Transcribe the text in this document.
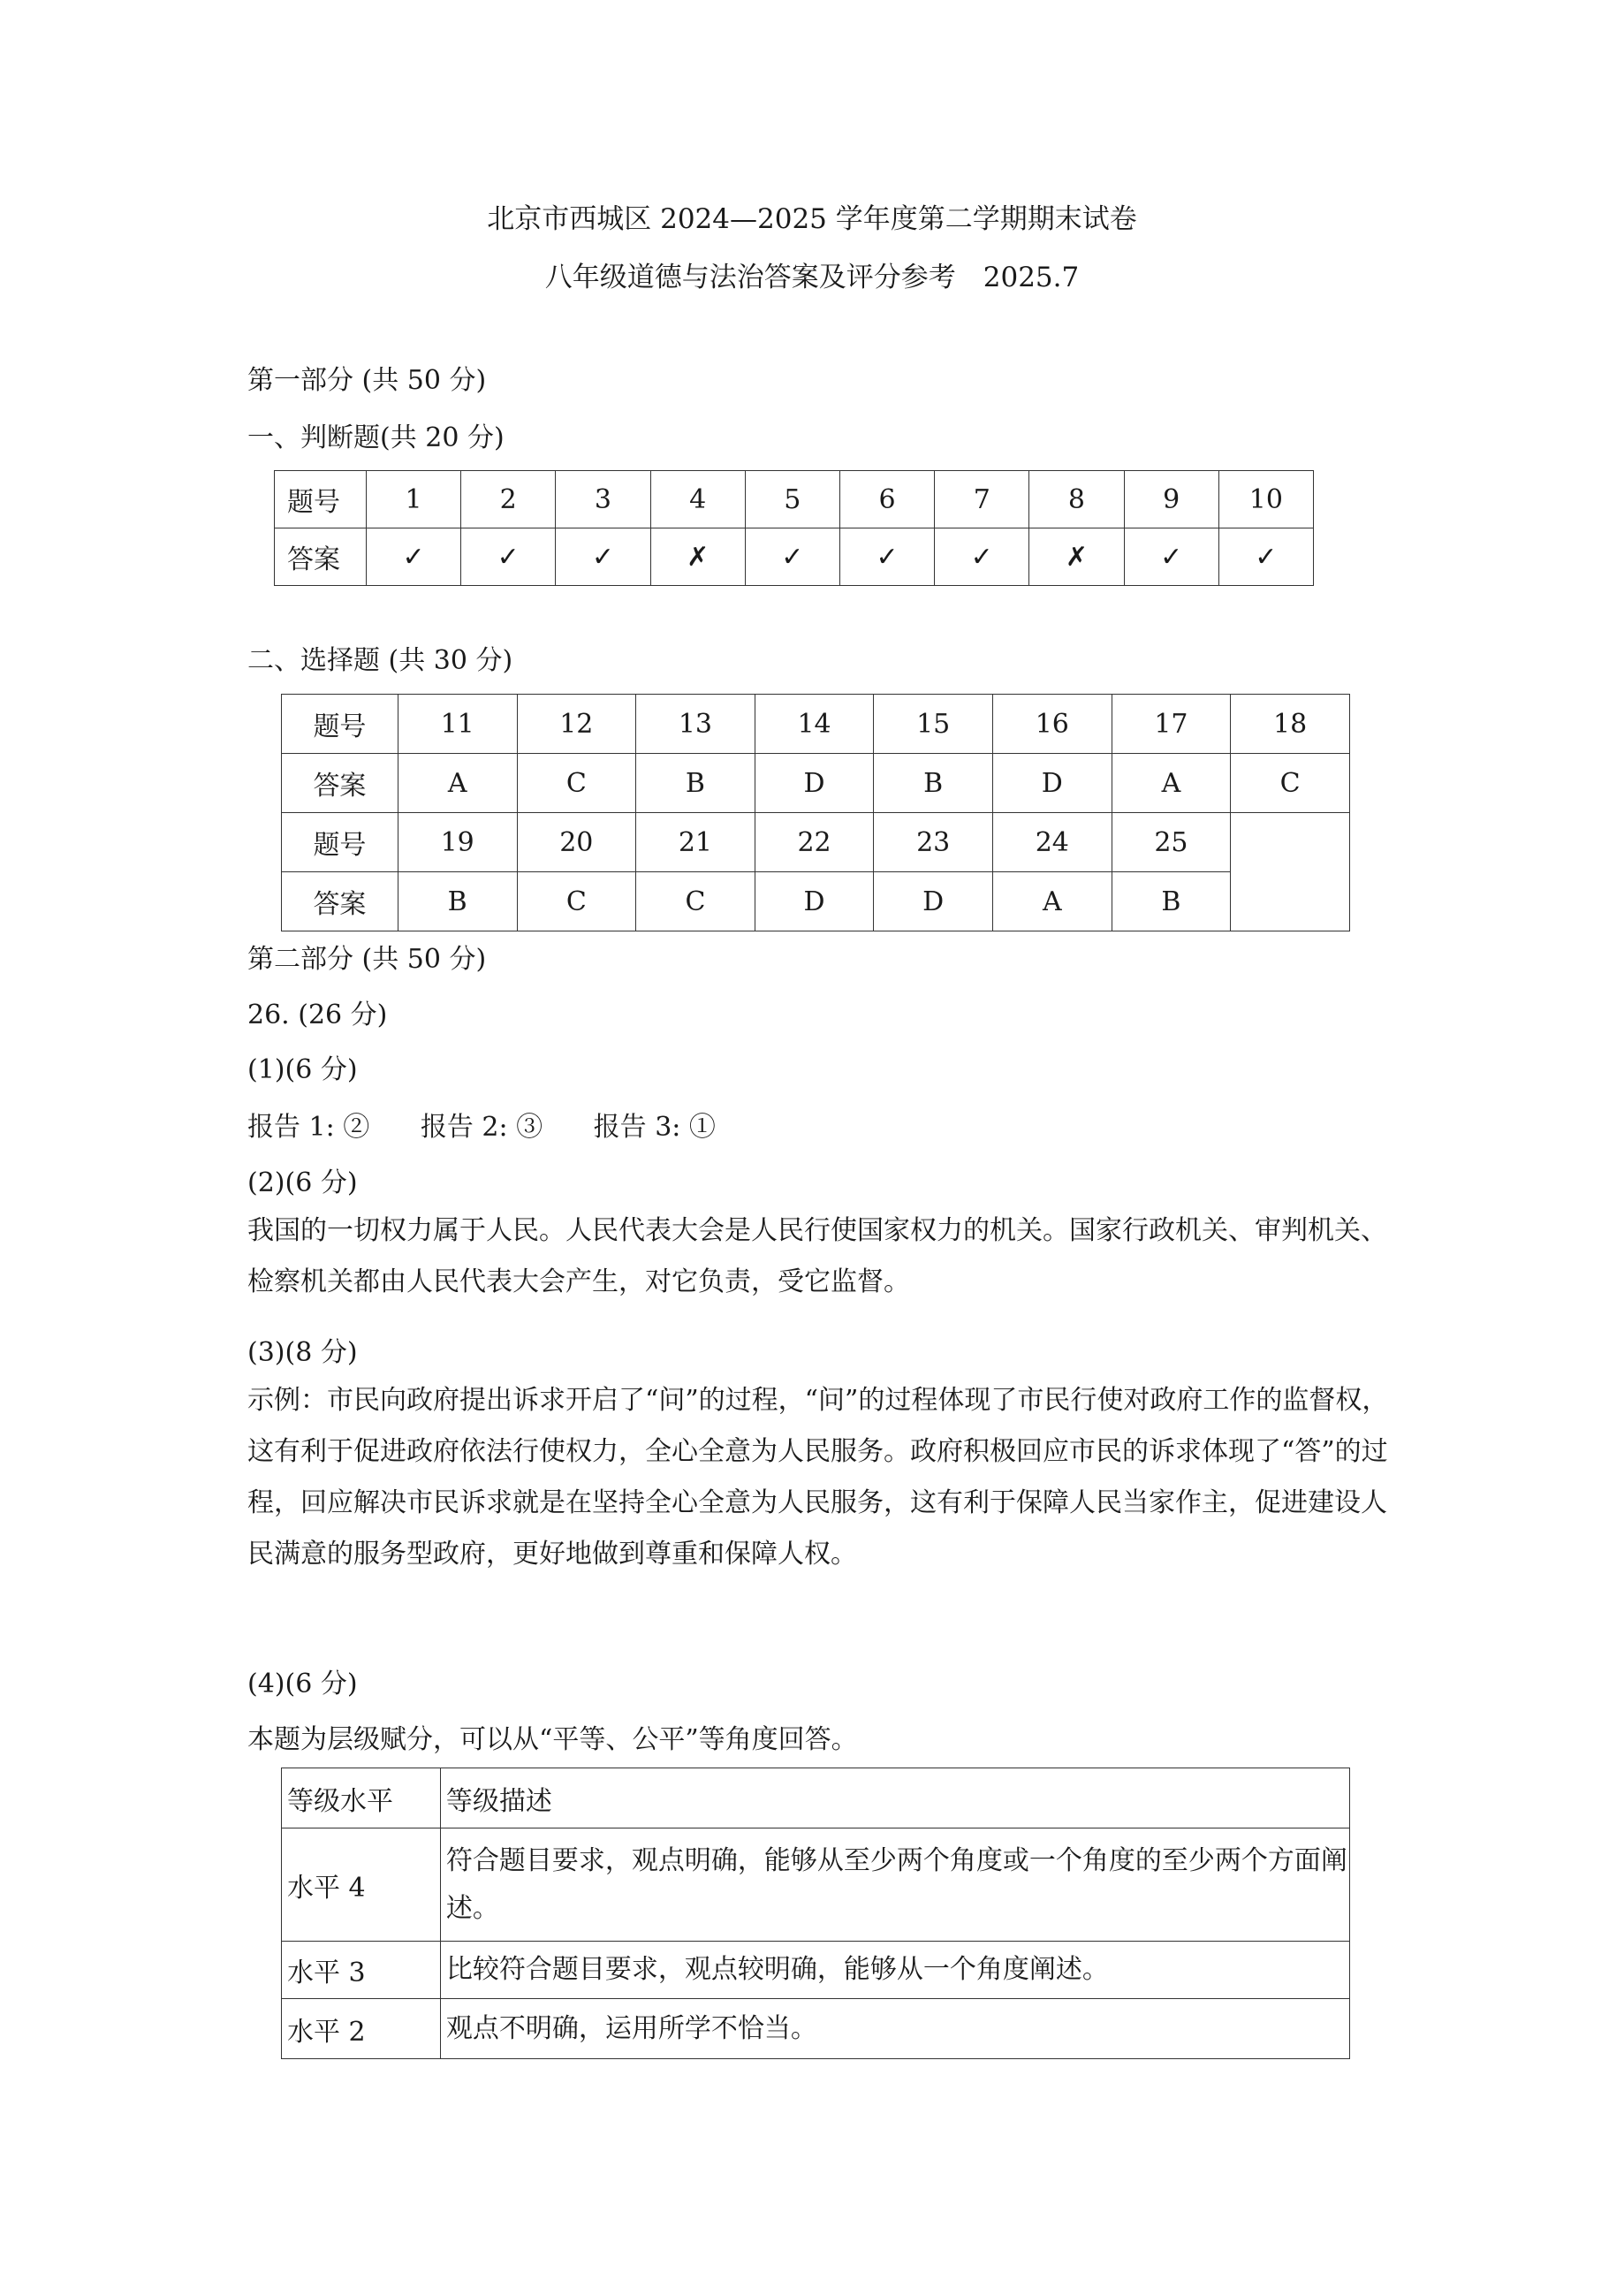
北京市西城区 2024—2025 学年度第二学期期末试卷
八年级道德与法治答案及评分参考　2025.7
第一部分 (共 50 分)
一、判断题(共 20 分)
题号	1	2	3	4	5	6	7	8	9	10
答案	✓	✓	✓	✗	✓	✓	✓	✗	✓	✓
二、选择题 (共 30 分)
题号	11	12	13	14	15	16	17	18
答案	A	C	B	D	B	D	A	C
题号	19	20	21	22	23	24	25	
答案	B	C	C	D	D	A	B	
第二部分 (共 50 分)
26. (26 分)
(1)(6 分)
报告 1: ② 报告 2: ③ 报告 3: ①
(2)(6 分)
我国的一切权力属于人民。人民代表大会是人民行使国家权力的机关。国家行政机关、审判机关、检察机关都由人民代表大会产生，对它负责，受它监督。
(3)(8 分)
示例：市民向政府提出诉求开启了“问”的过程，“问”的过程体现了市民行使对政府工作的监督权，这有利于促进政府依法行使权力，全心全意为人民服务。政府积极回应市民的诉求体现了“答”的过程，回应解决市民诉求就是在坚持全心全意为人民服务，这有利于保障人民当家作主，促进建设人民满意的服务型政府，更好地做到尊重和保障人权。
(4)(6 分)
本题为层级赋分，可以从“平等、公平”等角度回答。
等级水平	等级描述
水平 4	符合题目要求，观点明确，能够从至少两个角度或一个角度的至少两个方面阐述。
水平 3	比较符合题目要求，观点较明确，能够从一个角度阐述。
水平 2	观点不明确，运用所学不恰当。
